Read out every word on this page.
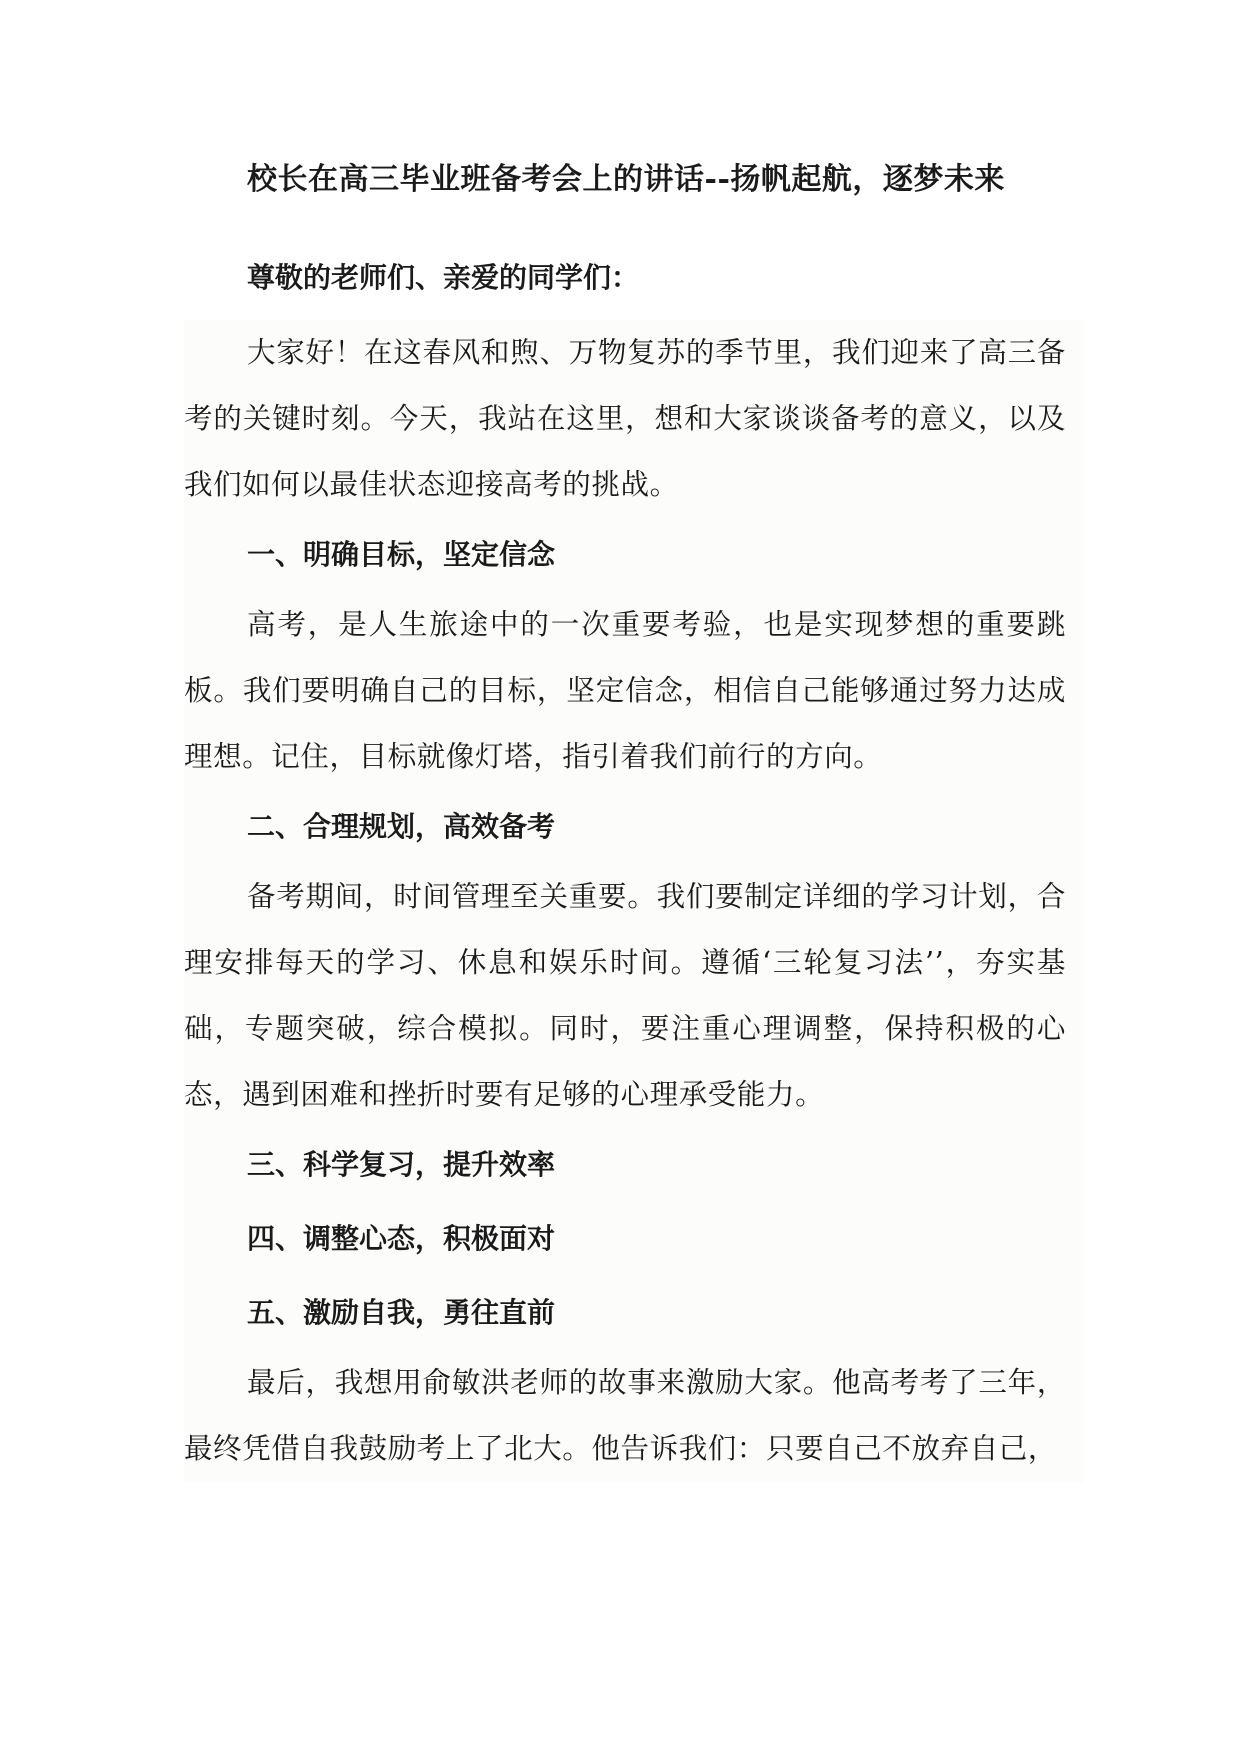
校长在高三毕业班备考会上的讲话--扬帆起航，逐梦未来
尊敬的老师们、亲爱的同学们：

大家好！在这春风和煦、万物复苏的季节里，我们迎来了高三备考的关键时刻。今天，我站在这里，想和大家谈谈备考的意义，以及我们如何以最佳状态迎接高考的挑战。

一、明确目标，坚定信念

高考，是人生旅途中的一次重要考验，也是实现梦想的重要跳板。我们要明确自己的目标，坚定信念，相信自己能够通过努力达成理想。记住，目标就像灯塔，指引着我们前行的方向。

二、合理规划，高效备考

备考期间，时间管理至关重要。我们要制定详细的学习计划，合理安排每天的学习、休息和娱乐时间。遵循‘三轮复习法’’，夯实基础，专题突破，综合模拟。同时，要注重心理调整，保持积极的心态，遇到困难和挫折时要有足够的心理承受能力。

三、科学复习，提升效率

四、调整心态，积极面对

五、激励自我，勇往直前

最后，我想用俞敏洪老师的故事来激励大家。他高考考了三年，最终凭借自我鼓励考上了北大。他告诉我们：只要自己不放弃自己，
